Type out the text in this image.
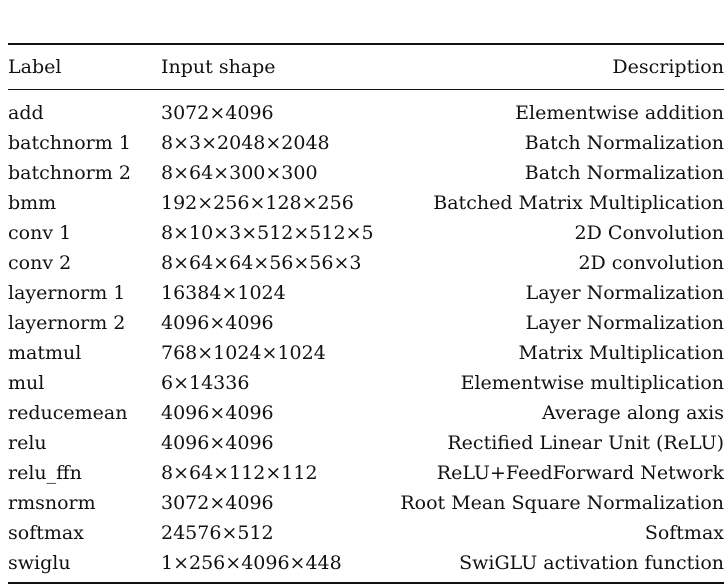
Label	Input shape	Description
add	3072×4096	Elementwise addition
batchnorm 1	8×3×2048×2048	Batch Normalization
batchnorm 2	8×64×300×300	Batch Normalization
bmm	192×256×128×256	Batched Matrix Multiplication
conv 1	8×10×3×512×512×5	2D Convolution
conv 2	8×64×64×56×56×3	2D convolution
layernorm 1	16384×1024	Layer Normalization
layernorm 2	4096×4096	Layer Normalization
matmul	768×1024×1024	Matrix Multiplication
mul	6×14336	Elementwise multiplication
reducemean	4096×4096	Average along axis
relu	4096×4096	Rectified Linear Unit (ReLU)
relu_ffn	8×64×112×112	ReLU+FeedForward Network
rmsnorm	3072×4096	Root Mean Square Normalization
softmax	24576×512	Softmax
swiglu	1×256×4096×448	SwiGLU activation function
